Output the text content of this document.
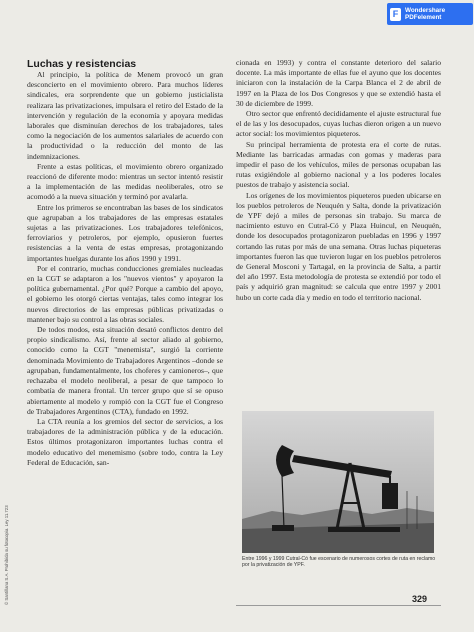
F Wondershare
PDFelement
Luchas y resistencias

Al principio, la política de Menem provocó un gran desconcierto en el movimiento obrero. Para muchos líderes sindicales, era sorprendente que un gobierno justicialista realizara las privatizaciones, impulsara el retiro del Estado de la intervención y regulación de la economía y apoyara medidas laborales que disminuían derechos de los trabajadores, tales como la negociación de los aumentos salariales de acuerdo con la productividad o la reducción del monto de las indemnizaciones.

Frente a estas políticas, el movimiento obrero organizado reaccionó de diferente modo: mientras un sector intentó resistir a la implementación de las medidas neoliberales, otro se acomodó a la nueva situación y terminó por avalarla.

Entre los primeros se encontraban las bases de los sindicatos que agrupaban a los trabajadores de las empresas estatales sujetas a las privatizaciones. Los trabajadores telefónicos, ferroviarios y petroleros, por ejemplo, opusieron fuertes resistencias a la venta de estas empresas, protagonizando importantes huelgas durante los años 1990 y 1991.

Por el contrario, muchas conducciones gremiales nucleadas en la CGT se adaptaron a los "nuevos vientos" y apoyaron la política gubernamental. ¿Por qué? Porque a cambio del apoyo, el gobierno les otorgó ciertas ventajas, tales como integrar los nuevos directorios de las empresas públicas privatizadas o mantener bajo su control a las obras sociales.

De todos modos, esta situación desató conflictos dentro del propio sindicalismo. Así, frente al sector aliado al gobierno, conocido como la CGT "menemista", surgió la corriente denominada Movimiento de Trabajadores Argentinos –donde se agrupaban, fundamentalmente, los choferes y camioneros–, que rechazaba el modelo neoliberal, a pesar de que tampoco lo combatía de manera frontal. Un tercer grupo que sí se opuso abiertamente al modelo y rompió con la CGT fue el Congreso de Trabajadores Argentinos (CTA), fundado en 1992.

La CTA reunía a los gremios del sector de servicios, a los trabajadores de la administración pública y de la educación. Estos últimos protagonizaron importantes luchas contra el modelo educativo del menemismo (sobre todo, contra la Ley Federal de Educación, san-

cionada en 1993) y contra el constante deterioro del salario docente. La más importante de ellas fue el ayuno que los docentes iniciaron con la instalación de la Carpa Blanca el 2 de abril de 1997 en la Plaza de los Dos Congresos y que se extendió hasta el 30 de diciembre de 1999.

Otro sector que enfrentó decididamente el ajuste estructural fue el de las y los desocupados, cuyas luchas dieron origen a un nuevo actor social: los movimientos piqueteros.

Su principal herramienta de protesta era el corte de rutas. Mediante las barricadas armadas con gomas y maderas para impedir el paso de los vehículos, miles de personas ocupaban las rutas exigiéndole al gobierno nacional y a los poderes locales puestos de trabajo y asistencia social.

Los orígenes de los movimientos piqueteros pueden ubicarse en los pueblos petroleros de Neuquén y Salta, donde la privatización de YPF dejó a miles de personas sin trabajo. Su marca de nacimiento estuvo en Cutral-Có y Plaza Huincul, en Neuquén, donde los desocupados protagonizaron puebladas en 1996 y 1997 cortando las rutas por más de una semana. Otras luchas piqueteras importantes fueron las que tuvieron lugar en los pueblos petroleros de General Mosconi y Tartagal, en la provincia de Salta, a partir del año 1997. Esta metodología de protesta se extendió por todo el país y adquirió gran magnitud: se calcula que entre 1997 y 2001 hubo un corte cada día y medio en todo el territorio nacional.

Entre 1996 y 1999 Cutral-Có fue escenario de numerosos cortes de ruta en reclamo por la privatización de YPF.
329
© Santillana S.A. Prohibida su fotocopia. Ley 11.723
